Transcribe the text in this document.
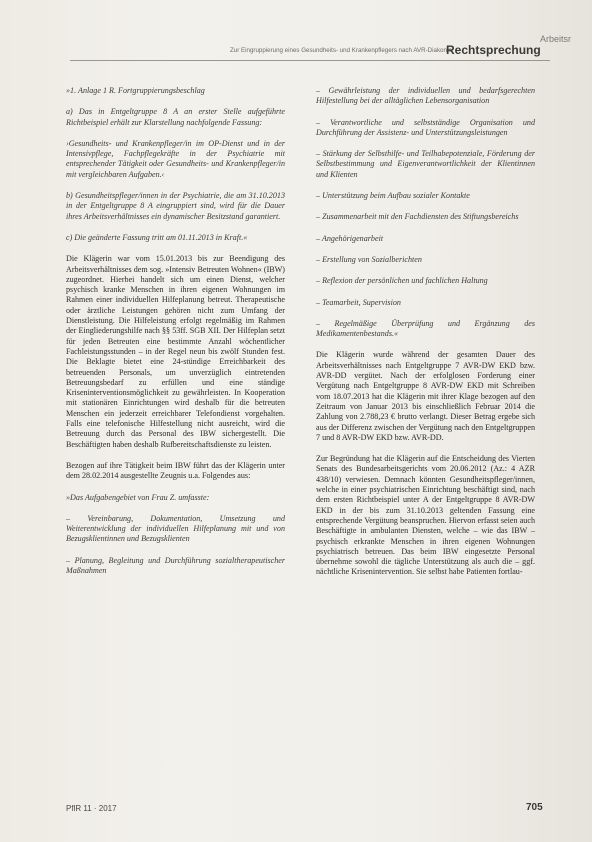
Arbeitsr
Zur Eingruppierung eines Gesundheits- und Krankenpflegers nach AVR-Diakonie
Rechtsprechung

»1. Anlage 1 R. Fortgruppierungsbeschlag

a) Das in Entgeltgruppe 8 A an erster Stelle aufgeführte Richtbeispiel erhält zur Klarstellung nachfolgende Fassung:

›Gesundheits- und Krankenpfleger/in im OP-Dienst und in der Intensivpflege, Fachpflegekräfte in der Psychiatrie mit entsprechender Tätigkeit oder Gesundheits- und Krankenpfleger/in mit vergleichbaren Aufgaben.‹

b) Gesundheitspfleger/innen in der Psychiatrie, die am 31.10.2013 in der Entgeltgruppe 8 A eingruppiert sind, wird für die Dauer ihres Arbeitsverhältnisses ein dynamischer Besitzstand garantiert.

c) Die geänderte Fassung tritt am 01.11.2013 in Kraft.«

Die Klägerin war vom 15.01.2013 bis zur Beendigung des Arbeitsverhältnisses dem sog. »Intensiv Betreuten Wohnen« (IBW) zugeordnet. Hierbei handelt sich um einen Dienst, welcher psychisch kranke Menschen in ihren eigenen Wohnungen im Rahmen einer individuellen Hilfeplanung betreut. Therapeutische oder ärztliche Leistungen gehören nicht zum Umfang der Dienstleistung. Die Hilfeleistung erfolgt regelmäßig im Rahmen der Eingliederungshilfe nach §§ 53ff. SGB XII. Der Hilfeplan setzt für jeden Betreuten eine bestimmte Anzahl wöchentlicher Fachleistungsstunden – in der Regel neun bis zwölf Stunden fest. Die Beklagte bietet eine 24-stündige Erreichbarkeit des betreuenden Personals, um unverzüglich eintretenden Betreuungsbedarf zu erfüllen und eine ständige Kriseninterventionsmöglichkeit zu gewährleisten. In Kooperation mit stationären Einrichtungen wird deshalb für die betreuten Menschen ein jederzeit erreichbarer Telefondienst vorgehalten. Falls eine telefonische Hilfestellung nicht ausreicht, wird die Betreuung durch das Personal des IBW sichergestellt. Die Beschäftigten haben deshalb Rufbereitschaftsdienste zu leisten.

Bezogen auf ihre Tätigkeit beim IBW führt das der Klägerin unter dem 28.02.2014 ausgestellte Zeugnis u.a. Folgendes aus:

»Das Aufgabengebiet von Frau Z. umfasste:

– Vereinbarung, Dokumentation, Umsetzung und Weiterentwicklung der individuellen Hilfeplanung mit und von Bezugsklientinnen und Bezugsklienten

– Planung, Begleitung und Durchführung sozialtherapeutischer Maßnahmen

– Gewährleistung der individuellen und bedarfsgerechten Hilfestellung bei der alltäglichen Lebensorganisation

– Verantwortliche und selbstständige Organisation und Durchführung der Assistenz- und Unterstützungsleistungen

– Stärkung der Selbsthilfe- und Teilhabepotenziale, Förderung der Selbstbestimmung und Eigenverantwortlichkeit der Klientinnen und Klienten

– Unterstützung beim Aufbau sozialer Kontakte

– Zusammenarbeit mit den Fachdiensten des Stiftungsbereichs

– Angehörigenarbeit

– Erstellung von Sozialberichten

– Reflexion der persönlichen und fachlichen Haltung

– Teamarbeit, Supervision

– Regelmäßige Überprüfung und Ergänzung des Medikamentenbestands.«

Die Klägerin wurde während der gesamten Dauer des Arbeitsverhältnisses nach Entgeltgruppe 7 AVR-DW EKD bzw. AVR-DD vergütet. Nach der erfolglosen Forderung einer Vergütung nach Entgeltgruppe 8 AVR-DW EKD mit Schreiben vom 18.07.2013 hat die Klägerin mit ihrer Klage bezogen auf den Zeitraum von Januar 2013 bis einschließlich Februar 2014 die Zahlung von 2.788,23 € brutto verlangt. Dieser Betrag ergebe sich aus der Differenz zwischen der Vergütung nach den Entgeltgruppen 7 und 8 AVR-DW EKD bzw. AVR-DD.

Zur Begründung hat die Klägerin auf die Entscheidung des Vierten Senats des Bundesarbeitsgerichts vom 20.06.2012 (Az.: 4 AZR 438/10) verwiesen. Demnach könnten Gesundheitspfleger/innen, welche in einer psychiatrischen Einrichtung beschäftigt sind, nach dem ersten Richtbeispiel unter A der Entgeltgruppe 8 AVR-DW EKD in der bis zum 31.10.2013 geltenden Fassung eine entsprechende Vergütung beanspruchen. Hiervon erfasst seien auch Beschäftigte in ambulanten Diensten, welche – wie das IBW – psychisch erkrankte Menschen in ihren eigenen Wohnungen psychiatrisch betreuen. Das beim IBW eingesetzte Personal übernehme sowohl die tägliche Unterstützung als auch die – ggf. nächtliche Krisenintervention. Sie selbst habe Patienten fortlau-

PflR 11 · 2017	705
